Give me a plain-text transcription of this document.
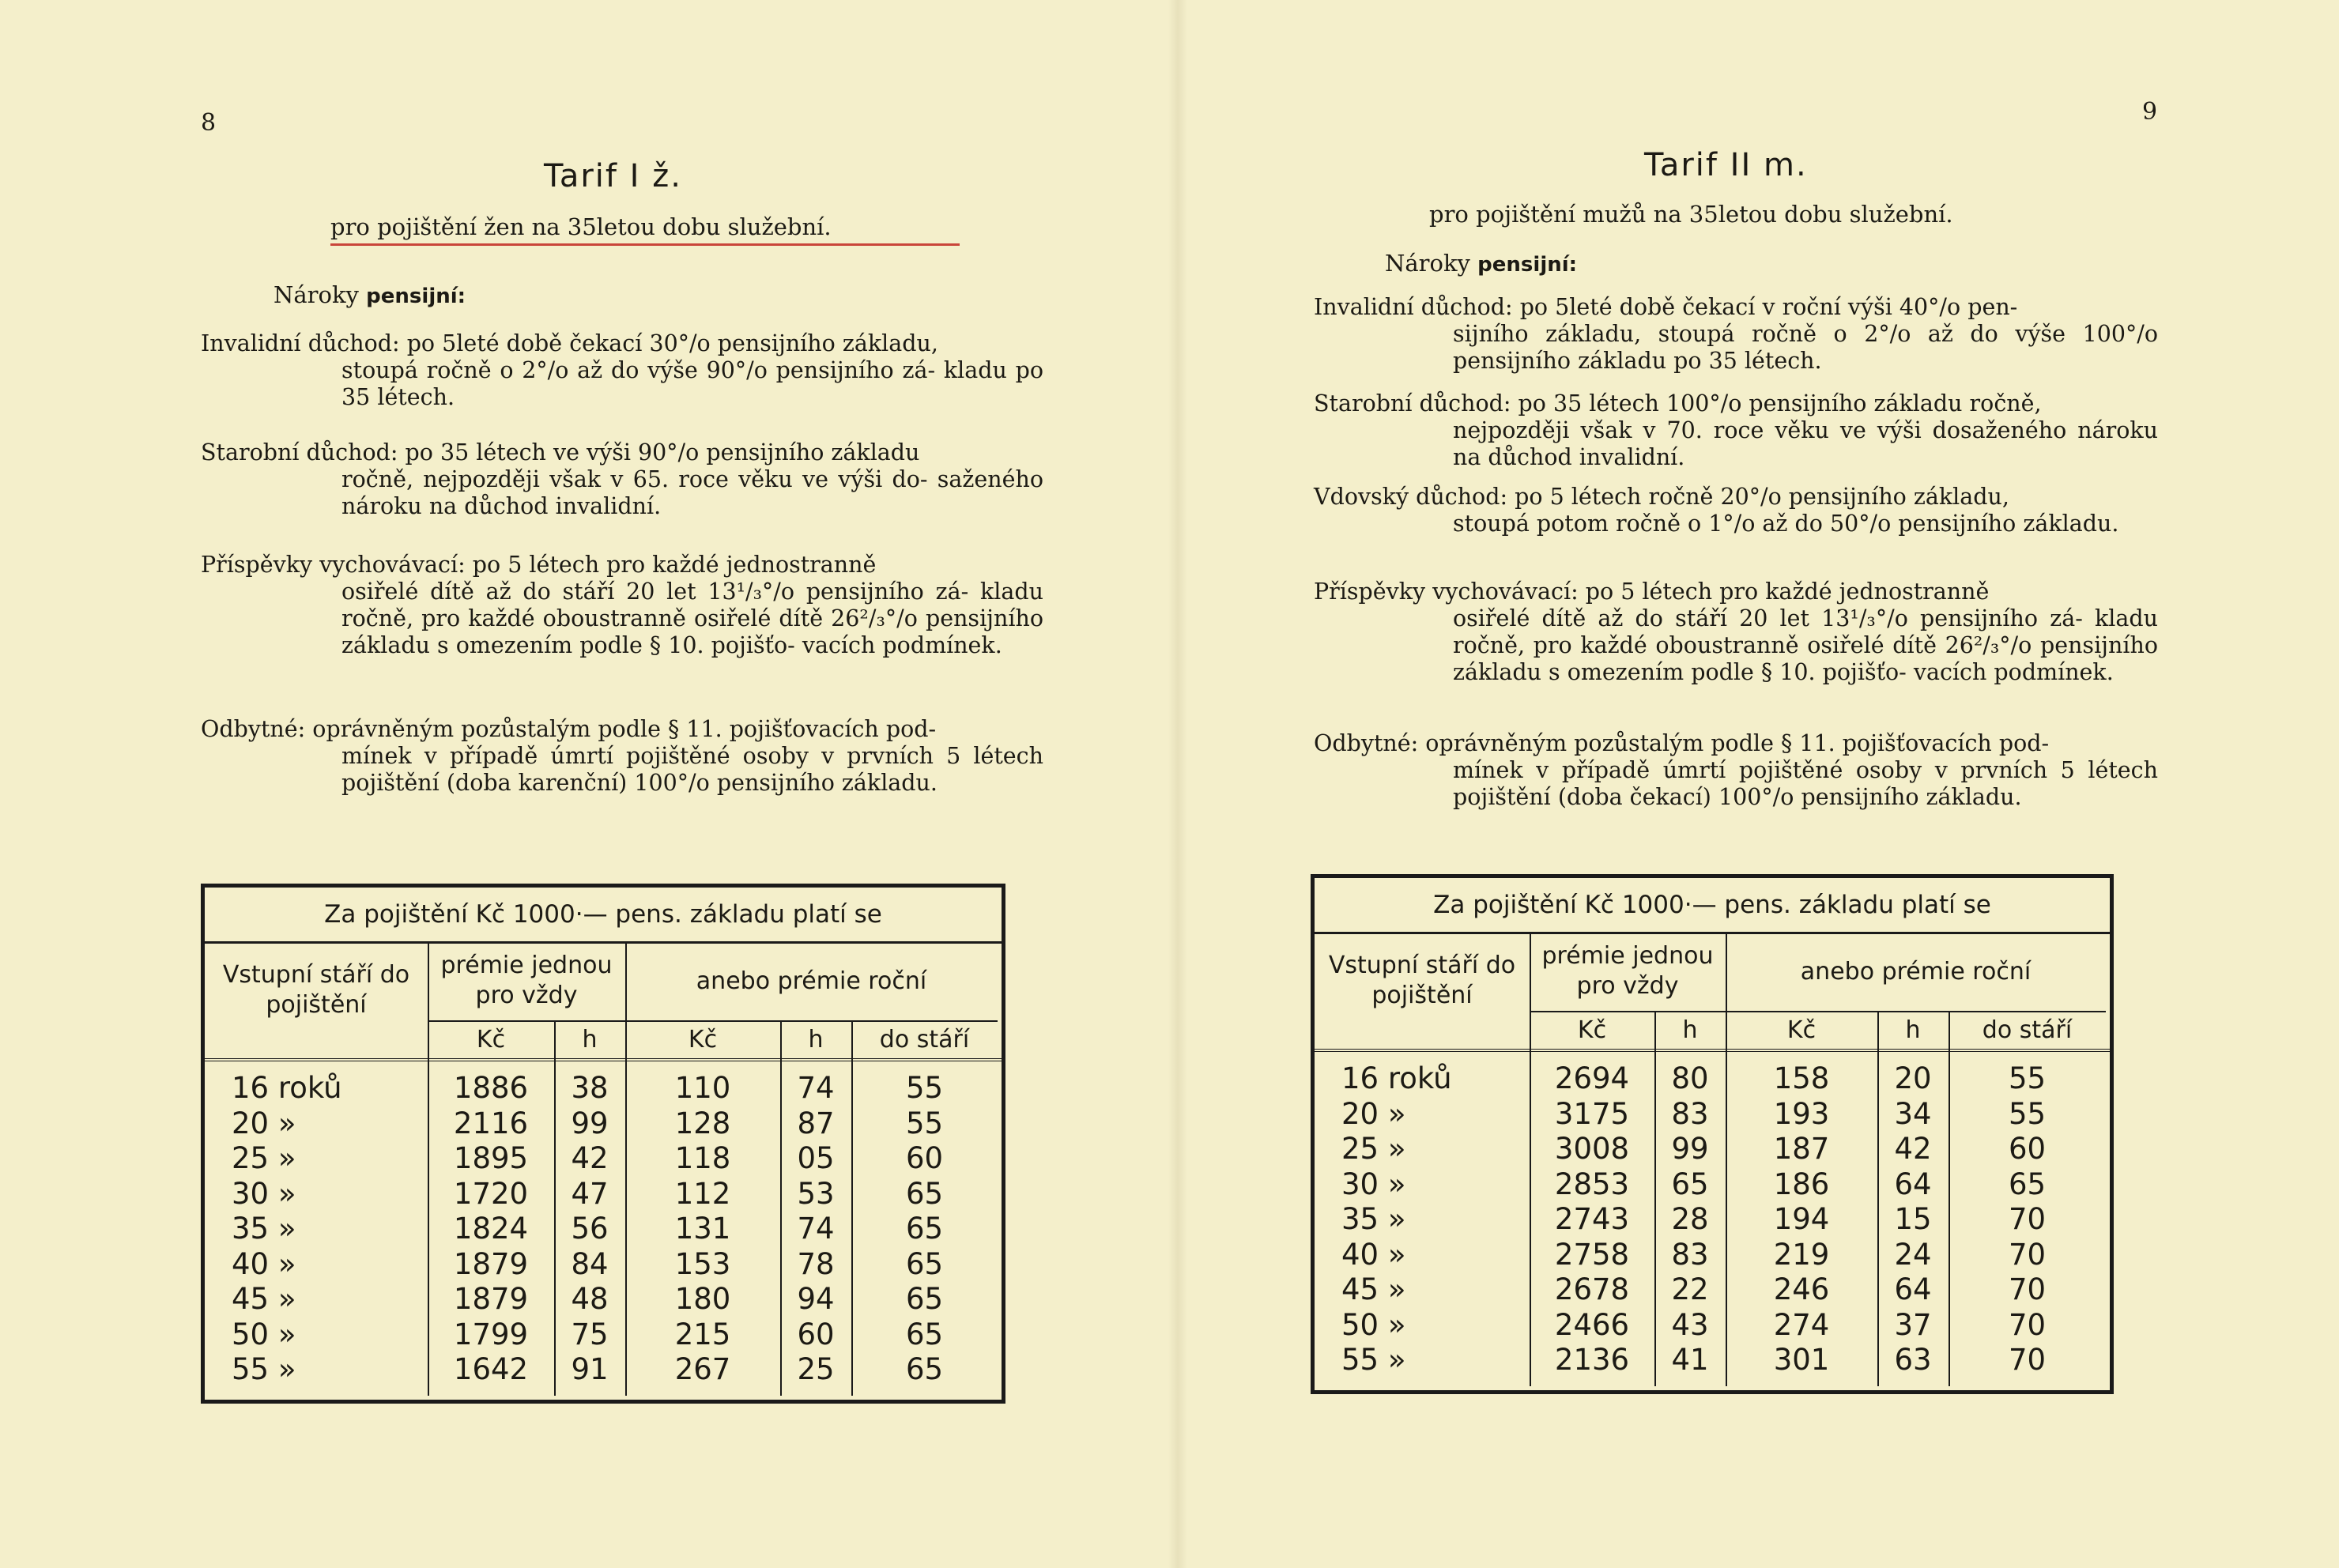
8
Tarif I ž.
pro pojištění žen na 35letou dobu služební.
Nároky pensijní:
Invalidní důchod: po 5leté době čekací 30°/o pensijního základu,
stoupá ročně o 2°/o až do výše 90°/o pensijního zá- kladu po 35 létech.
Starobní důchod: po 35 létech ve výši 90°/o pensijního základu
ročně, nejpozději však v 65. roce věku ve výši do- saženého nároku na důchod invalidní.
Příspěvky vychovávací: po 5 létech pro každé jednostranně
osiřelé dítě až do stáří 20 let 13¹/₃°/o pensijního zá- kladu ročně, pro každé oboustranně osiřelé dítě 26²/₃°/o pensijního základu s omezením podle § 10. pojišťo- vacích podmínek.
Odbytné: oprávněným pozůstalým podle § 11. pojišťovacích pod-
mínek v případě úmrtí pojištěné osoby v prvních 5 létech pojištění (doba karenční) 100°/o pensijního základu.
Za pojištění Kč 1000·— pens. základu platí se
Vstupní stáří do pojištění
prémie jednou pro vždy
anebo prémie roční
Kč	h	Kč	h	do stáří
16 roků	1886	38	110	74	55
20 »	2116	99	128	87	55
25 »	1895	42	118	05	60
30 »	1720	47	112	53	65
35 »	1824	56	131	74	65
40 »	1879	84	153	78	65
45 »	1879	48	180	94	65
50 »	1799	75	215	60	65
55 »	1642	91	267	25	65
9
Tarif II m.
pro pojištění mužů na 35letou dobu služební.
Nároky pensijní:
Invalidní důchod: po 5leté době čekací v roční výši 40°/o pen-
sijního základu, stoupá ročně o 2°/o až do výše 100°/o pensijního základu po 35 létech.
Starobní důchod: po 35 létech 100°/o pensijního základu ročně,
nejpozději však v 70. roce věku ve výši dosaženého nároku na důchod invalidní.
Vdovský důchod: po 5 létech ročně 20°/o pensijního základu,
stoupá potom ročně o 1°/o až do 50°/o pensijního základu.
Příspěvky vychovávací: po 5 létech pro každé jednostranně
osiřelé dítě až do stáří 20 let 13¹/₃°/o pensijního zá- kladu ročně, pro každé oboustranně osiřelé dítě 26²/₃°/o pensijního základu s omezením podle § 10. pojišťo- vacích podmínek.
Odbytné: oprávněným pozůstalým podle § 11. pojišťovacích pod-
mínek v případě úmrtí pojištěné osoby v prvních 5 létech pojištění (doba čekací) 100°/o pensijního základu.
Za pojištění Kč 1000·— pens. základu platí se
Vstupní stáří do pojištění
prémie jednou pro vždy
anebo prémie roční
Kč	h	Kč	h	do stáří
16 roků	2694	80	158	20	55
20 »	3175	83	193	34	55
25 »	3008	99	187	42	60
30 »	2853	65	186	64	65
35 »	2743	28	194	15	70
40 »	2758	83	219	24	70
45 »	2678	22	246	64	70
50 »	2466	43	274	37	70
55 »	2136	41	301	63	70
